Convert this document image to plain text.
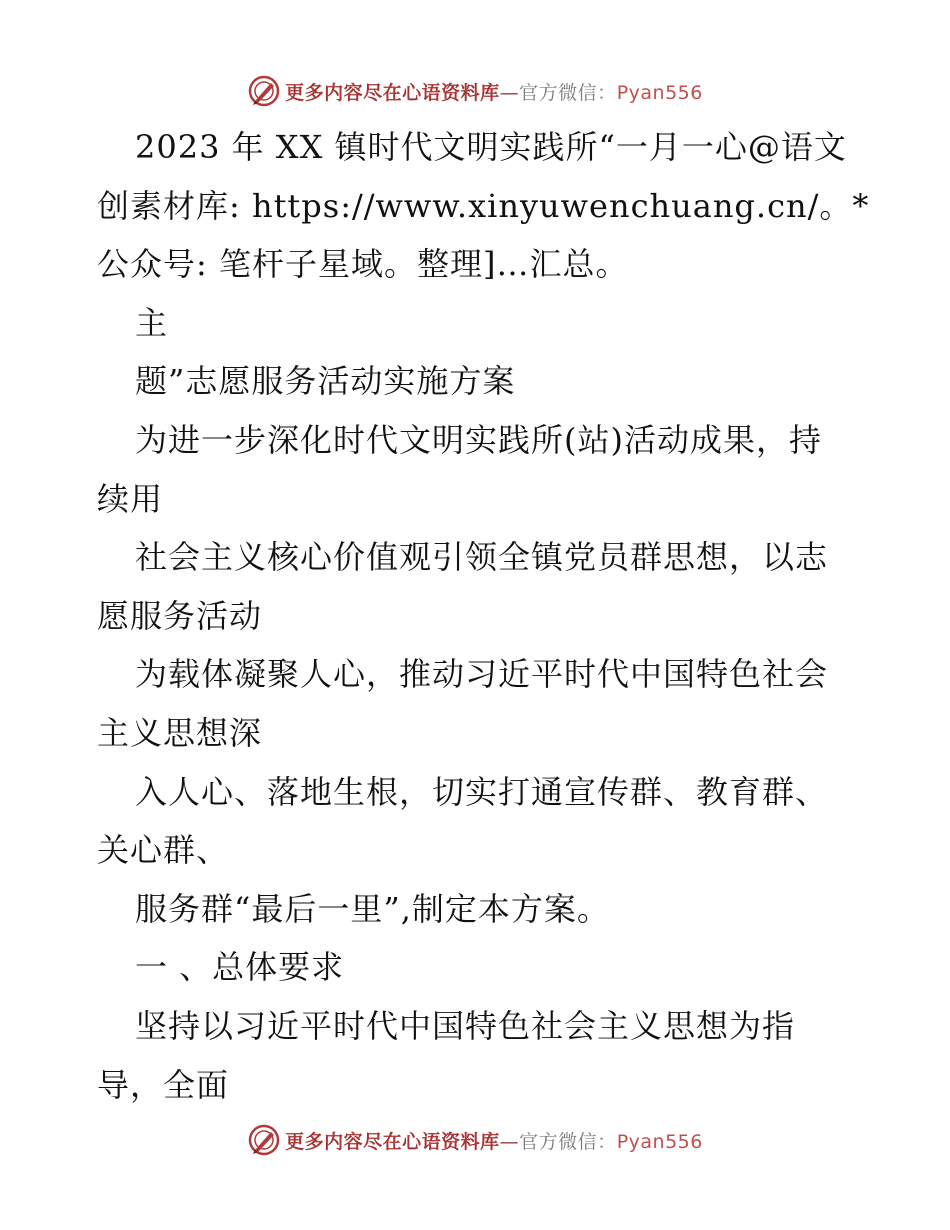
更多内容尽在心语资料库—官方微信：Pyan556
2023 年 XX 镇时代文明实践所“一月一心@语文
创素材库: https://www.xinyuwenchuang.cn/。*
公众号: 笔杆子星域。整理]…汇总。
主
题”志愿服务活动实施方案
为进一步深化时代文明实践所(站)活动成果，持
续用
社会主义核心价值观引领全镇党员群思想，以志
愿服务活动
为载体凝聚人心，推动习近平时代中国特色社会
主义思想深
入人心、落地生根，切实打通宣传群、教育群、
关心群、
服务群“最后一里”,制定本方案。
一 、总体要求
坚持以习近平时代中国特色社会主义思想为指
导，全面
更多内容尽在心语资料库—官方微信：Pyan556
